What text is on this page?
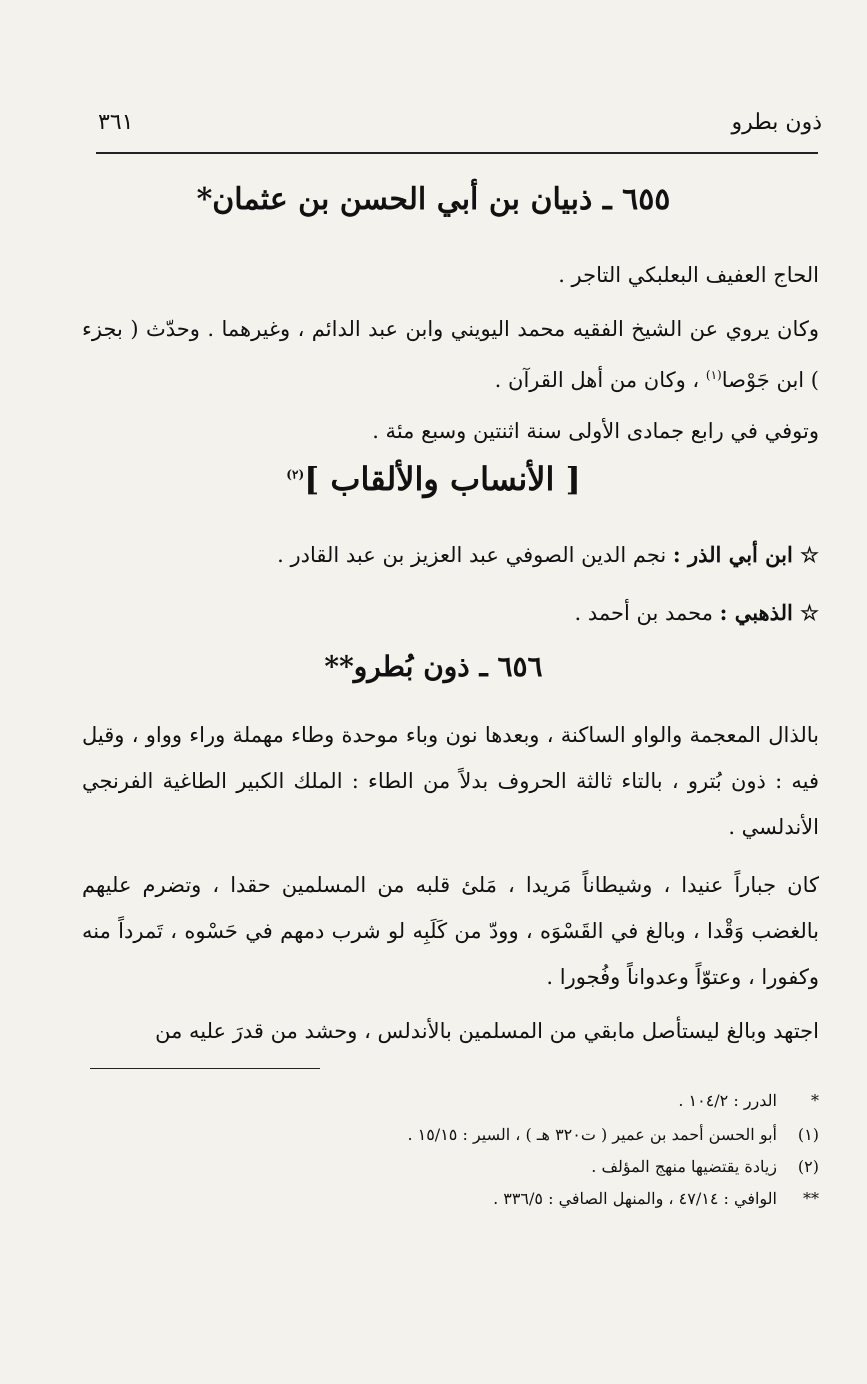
ذون بطرو
٣٦١
٦٥٥ ـ ذبيان بن أبي الحسن بن عثمان*
الحاج العفيف البعلبكي التاجر .
وكان يروي عن الشيخ الفقيه محمد اليويني وابن عبد الدائم ، وغيرهما . وحدّث ( بجزء ) ابن جَوْصا$^{(١)}$ ، وكان من أهل القرآن .
وتوفي في رابع جمادى الأولى سنة اثنتين وسبع مئة .
[ الأنساب والألقاب ]$^{(٢)}$
☆ ابن أبي الذر : نجم الدين الصوفي عبد العزيز بن عبد القادر .
☆ الذهبي : محمد بن أحمد .
٦٥٦ ـ ذون بُطرو**
بالذال المعجمة والواو الساكنة ، وبعدها نون وباء موحدة وطاء مهملة وراء وواو ، وقيل فيه : ذون بُترو ، بالتاء ثالثة الحروف بدلاً من الطاء : الملك الكبير الطاغية الفرنجي الأندلسي .
كان جباراً عنيدا ، وشيطاناً مَريدا ، مَلئ قلبه من المسلمين حقدا ، وتضرم عليهم بالغضب وَقْدا ، وبالغ في القَسْوَه ، وودّ من كَلَبِه لو شرب دمهم في حَسْوه ، تَمرداً منه وكفورا ، وعتوّاً وعدواناً وفُجورا .
اجتهد وبالغ ليستأصل مابقي من المسلمين بالأندلس ، وحشد من قدرَ عليه من
*الدرر : ١٠٤/٢ .
(١)أبو الحسن أحمد بن عمير ( ت٣٢٠ هـ ) ، السير : ١٥/١٥ .
(٢)زيادة يقتضيها منهج المؤلف .
**الوافي : ٤٧/١٤ ، والمنهل الصافي : ٣٣٦/٥ .
